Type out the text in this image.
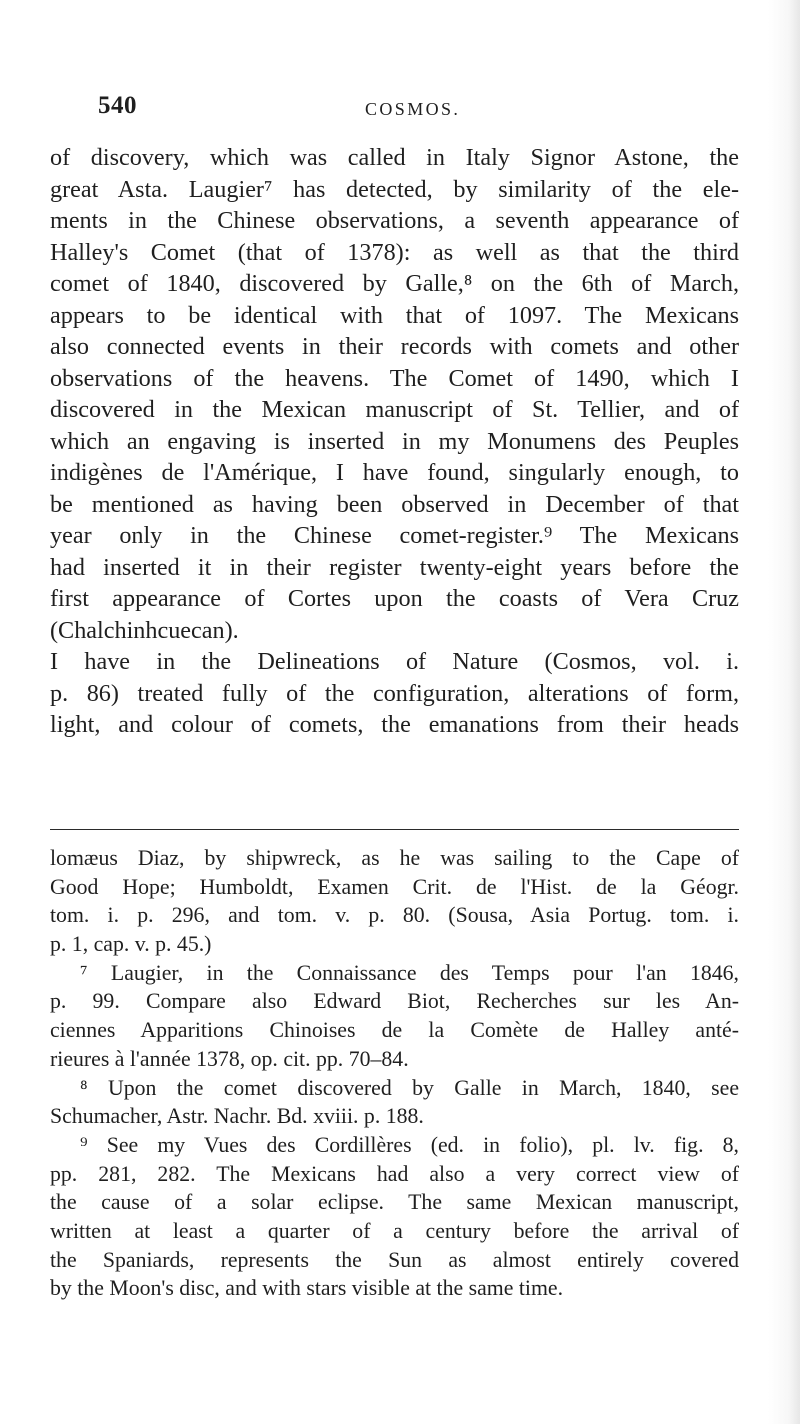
540	COSMOS.
of discovery, which was called in Italy Signor Astone, the
great Asta. Laugier⁷ has detected, by similarity of the ele-
ments in the Chinese observations, a seventh appearance of
Halley's Comet (that of 1378): as well as that the third
comet of 1840, discovered by Galle,⁸ on the 6th of March,
appears to be identical with that of 1097. The Mexicans
also connected events in their records with comets and other
observations of the heavens. The Comet of 1490, which I
discovered in the Mexican manuscript of St. Tellier, and of
which an engaving is inserted in my Monumens des Peuples
indigènes de l'Amérique, I have found, singularly enough, to
be mentioned as having been observed in December of that
year only in the Chinese comet-register.⁹ The Mexicans
had inserted it in their register twenty-eight years before the
first appearance of Cortes upon the coasts of Vera Cruz
(Chalchinhcuecan).
I have in the Delineations of Nature (Cosmos, vol. i.
p. 86) treated fully of the configuration, alterations of form,
light, and colour of comets, the emanations from their heads
lomæus Diaz, by shipwreck, as he was sailing to the Cape of
Good Hope; Humboldt, Examen Crit. de l'Hist. de la Géogr.
tom. i. p. 296, and tom. v. p. 80. (Sousa, Asia Portug. tom. i.
p. 1, cap. v. p. 45.)
⁷ Laugier, in the Connaissance des Temps pour l'an 1846,
p. 99. Compare also Edward Biot, Recherches sur les An-
ciennes Apparitions Chinoises de la Comète de Halley anté-
rieures à l'année 1378, op. cit. pp. 70–84.
⁸ Upon the comet discovered by Galle in March, 1840, see
Schumacher, Astr. Nachr. Bd. xviii. p. 188.
⁹ See my Vues des Cordillères (ed. in folio), pl. lv. fig. 8,
pp. 281, 282. The Mexicans had also a very correct view of
the cause of a solar eclipse. The same Mexican manuscript,
written at least a quarter of a century before the arrival of
the Spaniards, represents the Sun as almost entirely covered
by the Moon's disc, and with stars visible at the same time.
